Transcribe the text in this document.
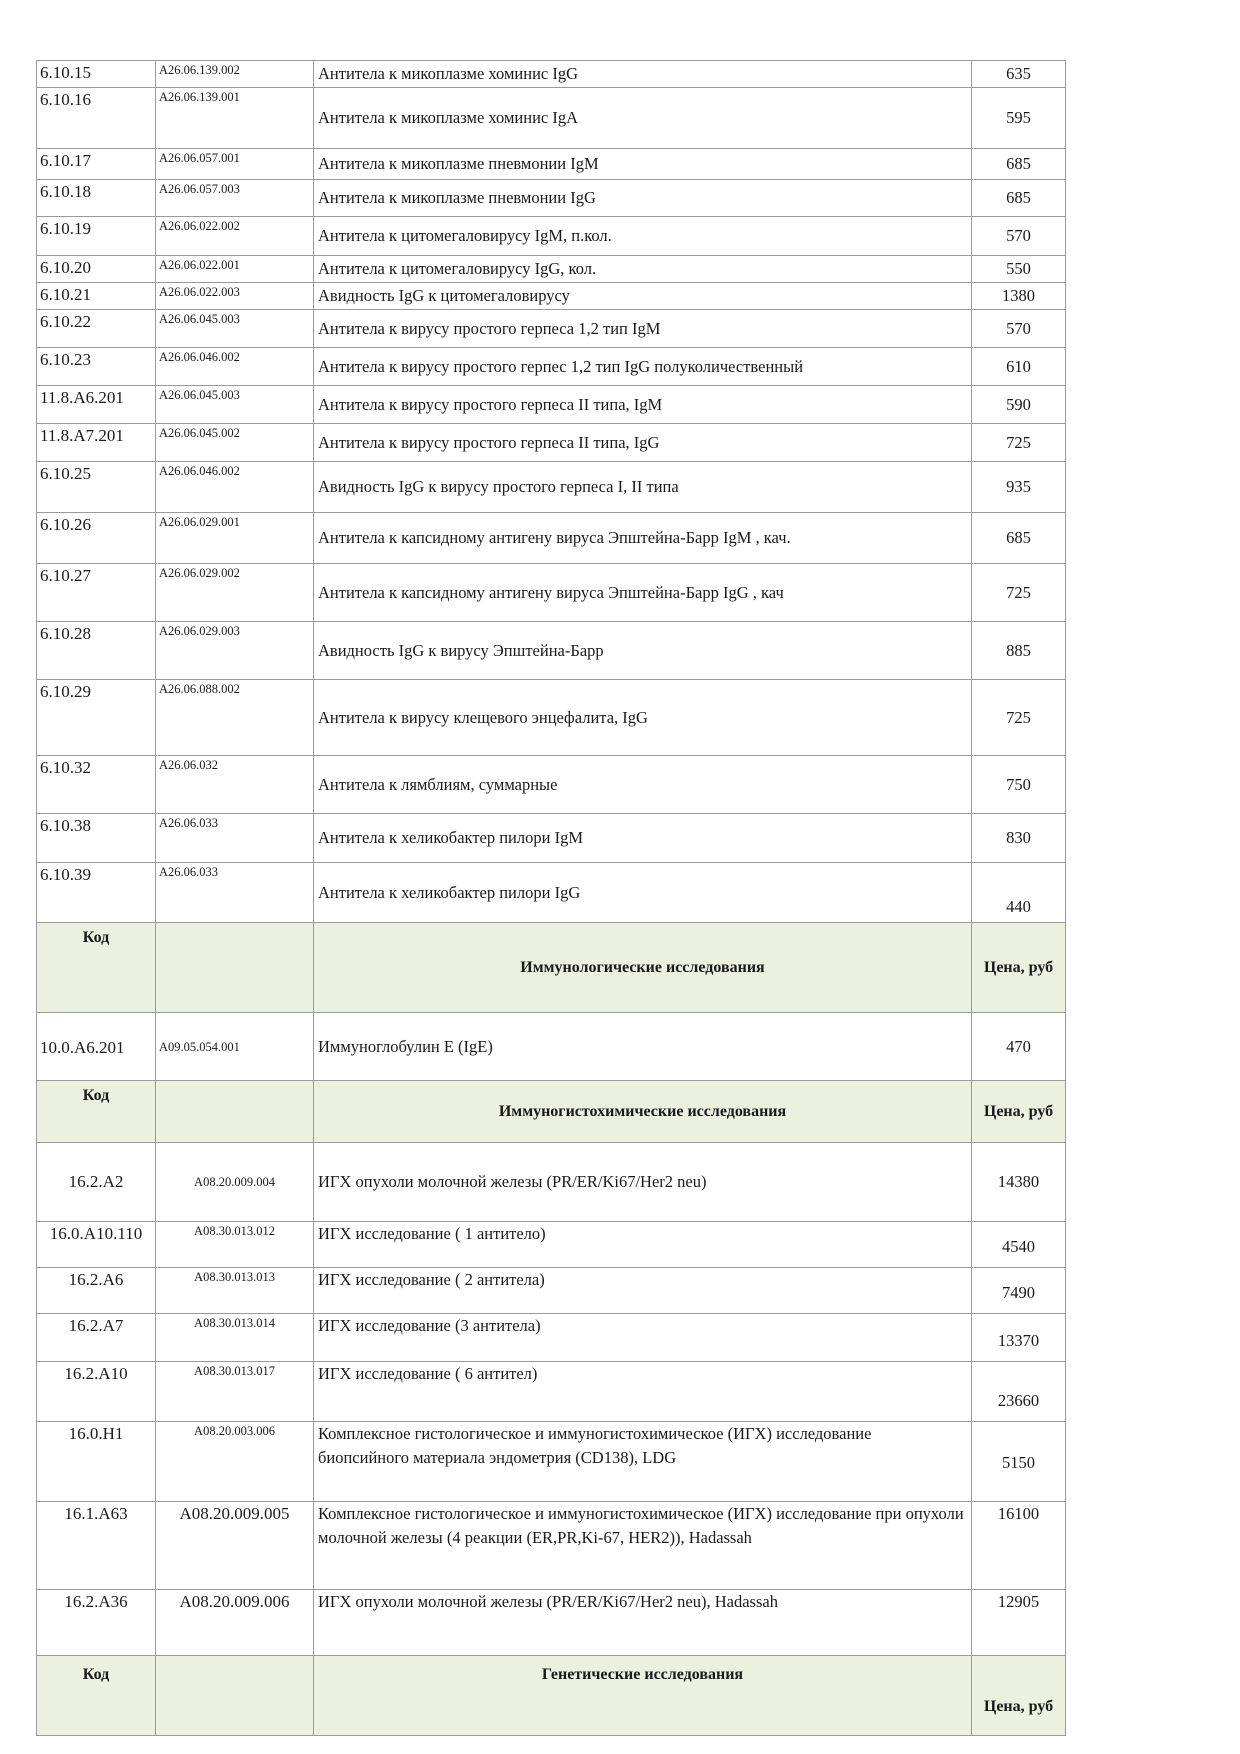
6.10.15	A26.06.139.002	Антитела к микоплазме хоминис IgG	635
6.10.16	A26.06.139.001	Антитела к микоплазме хоминис IgA	595
6.10.17	A26.06.057.001	Антитела к микоплазме пневмонии IgM	685
6.10.18	A26.06.057.003	Антитела к микоплазме пневмонии IgG	685
6.10.19	A26.06.022.002	Антитела к цитомегаловирусу IgM, п.кол.	570
6.10.20	A26.06.022.001	Антитела к цитомегаловирусу IgG, кол.	550
6.10.21	A26.06.022.003	Авидность IgG к цитомегаловирусу	1380
6.10.22	A26.06.045.003	Антитела к вирусу простого герпеса 1,2 тип IgM	570
6.10.23	A26.06.046.002	Антитела к вирусу простого герпес 1,2 тип IgG полуколичественный	610
11.8.A6.201	A26.06.045.003	Антитела к вирусу простого герпеса II типа, IgM	590
11.8.A7.201	A26.06.045.002	Антитела к вирусу простого герпеса II типа, IgG	725
6.10.25	A26.06.046.002	Авидность IgG к вирусу простого герпеса I, II типа	935
6.10.26	A26.06.029.001	Антитела к капсидному антигену вируса Эпштейна-Барр IgM , кач.	685
6.10.27	A26.06.029.002	Антитела к капсидному антигену вируса Эпштейна-Барр IgG , кач	725
6.10.28	A26.06.029.003	Авидность IgG к вирусу Эпштейна-Барр	885
6.10.29	A26.06.088.002	Антитела к вирусу клещевого энцефалита, IgG	725
6.10.32	A26.06.032	Антитела к лямблиям, суммарные	750
6.10.38	A26.06.033	Антитела к хеликобактер пилори IgM	830
6.10.39	A26.06.033	Антитела к хеликобактер пилори IgG	440
Код		Иммунологические исследования	Цена, руб
10.0.A6.201	A09.05.054.001	Иммуноглобулин E (IgE)	470
Код		Иммуногистохимические исследования	Цена, руб
16.2.A2	A08.20.009.004	ИГХ опухоли молочной железы (PR/ER/Ki67/Her2 neu)	14380
16.0.A10.110	A08.30.013.012	ИГХ исследование ( 1 антитело)	4540
16.2.A6	A08.30.013.013	ИГХ исследование ( 2 антитела)	7490
16.2.A7	A08.30.013.014	ИГХ исследование (3 антитела)	13370
16.2.A10	A08.30.013.017	ИГХ исследование ( 6 антител)	23660
16.0.H1	A08.20.003.006	Комплексное гистологическое и иммуногистохимическое (ИГХ) исследование биопсийного материала эндометрия (CD138), LDG	5150
16.1.A63	A08.20.009.005	Комплексное гистологическое и иммуногистохимическое (ИГХ) исследование при опухоли молочной железы (4 реакции (ER,PR,Ki-67, HER2)), Hadassah	16100
16.2.A36	A08.20.009.006	ИГХ опухоли молочной железы (PR/ER/Ki67/Her2 neu), Hadassah	12905
Код		Генетические исследования	Цена, руб
